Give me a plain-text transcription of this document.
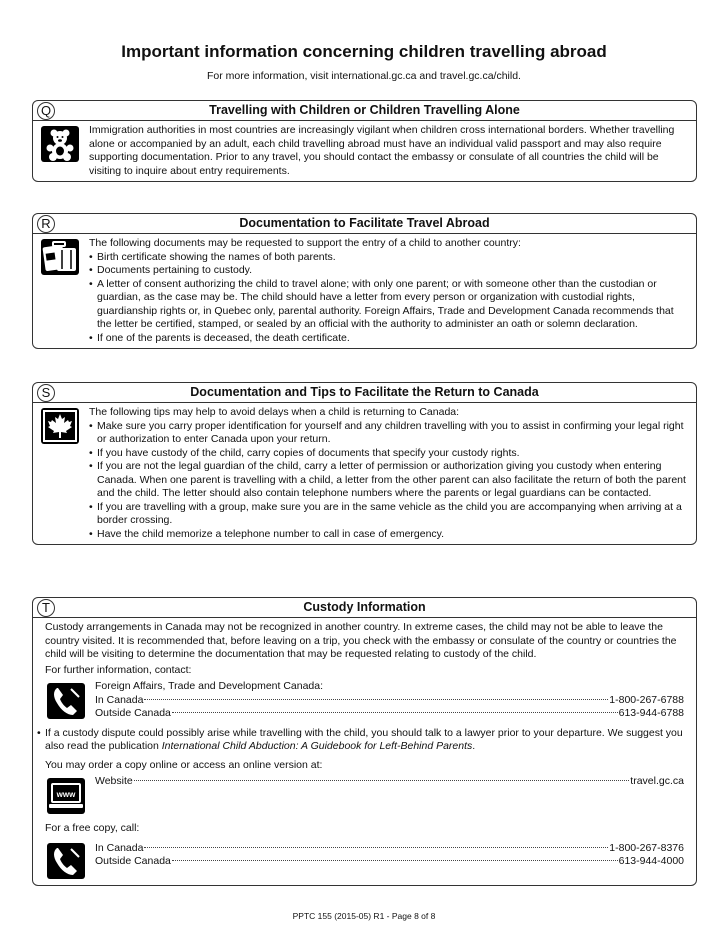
Important information concerning children travelling abroad
For more information, visit international.gc.ca and travel.gc.ca/child.
Q	Travelling with Children or Children Travelling Alone
Immigration authorities in most countries are increasingly vigilant when children cross international borders. Whether travelling alone or accompanied by an adult, each child travelling abroad must have an individual valid passport and may also require supporting documentation. Prior to any travel, you should contact the embassy or consulate of all countries the child will be visiting to inquire about entry requirements.
R	Documentation to Facilitate Travel Abroad
The following documents may be requested to support the entry of a child to another country:
• Birth certificate showing the names of both parents.
• Documents pertaining to custody.
• A letter of consent authorizing the child to travel alone; with only one parent; or with someone other than the custodian or guardian, as the case may be. The child should have a letter from every person or organization with custodial rights, guardianship rights or, in Quebec only, parental authority. Foreign Affairs, Trade and Development Canada recommends that the letter be certified, stamped, or sealed by an official with the authority to administer an oath or solemn declaration.
• If one of the parents is deceased, the death certificate.
S	Documentation and Tips to Facilitate the Return to Canada
The following tips may help to avoid delays when a child is returning to Canada:
• Make sure you carry proper identification for yourself and any children travelling with you to assist in confirming your legal right or authorization to enter Canada upon your return.
• If you have custody of the child, carry copies of documents that specify your custody rights.
• If you are not the legal guardian of the child, carry a letter of permission or authorization giving you custody when entering Canada. When one parent is travelling with a child, a letter from the other parent can also facilitate the return of both the parent and the child. The letter should also contain telephone numbers where the parents or legal guardians can be contacted.
• If you are travelling with a group, make sure you are in the same vehicle as the child you are accompanying when arriving at a border crossing.
• Have the child memorize a telephone number to call in case of emergency.
T	Custody Information
Custody arrangements in Canada may not be recognized in another country. In extreme cases, the child may not be able to leave the country visited. It is recommended that, before leaving on a trip, you check with the embassy or consulate of the country or countries the child will be visiting to determine the documentation that may be requested relating to custody of the child.
For further information, contact:
Foreign Affairs, Trade and Development Canada:
In Canada	1-800-267-6788
Outside Canada	613-944-6788
• If a custody dispute could possibly arise while travelling with the child, you should talk to a lawyer prior to your departure. We suggest you also read the publication International Child Abduction: A Guidebook for Left-Behind Parents.
You may order a copy online or access an online version at:
www
Website	travel.gc.ca
For a free copy, call:
In Canada	1-800-267-8376
Outside Canada	613-944-4000
PPTC 155 (2015-05) R1 - Page 8 of 8
